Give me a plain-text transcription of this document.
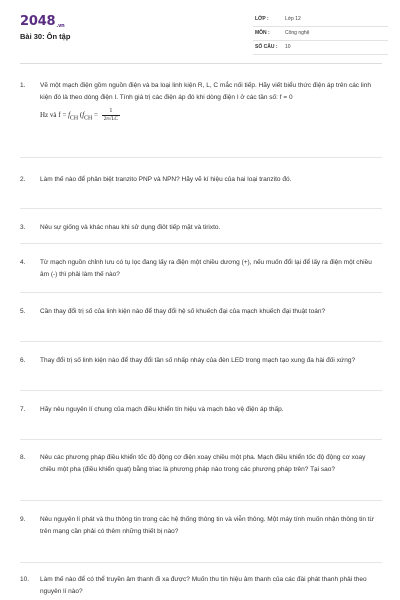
2048.vn
Bài 30: Ôn tập
LỚP :	Lớp 12
MÔN :	Công nghệ
SỐ CÂU : 10
1.	Vẽ một mạch điện gồm nguồn điện và ba loại linh kiện R, L, C mắc nối tiếp. Hãy viết biểu thức điện áp trên các linh kiện đó là theo dòng điện I. Tính giá trị các điện áp đó khi dòng điện I ở các tần số: f = 0
Hz và $f = f_{CH}$ ($f_{CH} = \frac{1}{2\pi√LC}$
2.	Làm thế nào để phân biệt tranzito PNP và NPN? Hãy vẽ kí hiệu của hai loại tranzito đó.
3.	Nêu sự giống và khác nhau khi sử dụng điôt tiếp mặt và tirixto.
4.	Từ mạch nguồn chỉnh lưu có tụ lọc đang lấy ra điện một chiều dương (+), nếu muốn đổi lại để lấy ra điện một chiều âm (-) thì phải làm thế nào?
5.	Cần thay đổi trị số của linh kiện nào để thay đổi hệ số khuếch đại của mạch khuếch đại thuật toán?
6.	Thay đổi trị số linh kiện nào để thay đổi tần số nhấp nháy của đèn LED trong mạch tạo xung đa hài đối xứng?
7.	Hãy nêu nguyên lí chung của mạch điều khiển tín hiệu và mạch bảo vệ điện áp thấp.
8.	Nêu các phương pháp điều khiển tốc độ động cơ điện xoay chiều một pha. Mạch điều khiển tốc độ động cơ xoay chiều một pha (điều khiển quạt) bằng triac là phương pháp nào trong các phương pháp trên? Tại sao?
9.	Nêu nguyên lí phát và thu thông tin trong các hệ thống thông tin và viễn thông. Một máy tính muốn nhận thông tin từ trên mạng cần phải có thêm những thiết bị nào?
10.	Làm thế nào để có thể truyền âm thanh đi xa được? Muốn thu tín hiệu âm thanh của các đài phát thanh phải theo nguyên lí nào?
